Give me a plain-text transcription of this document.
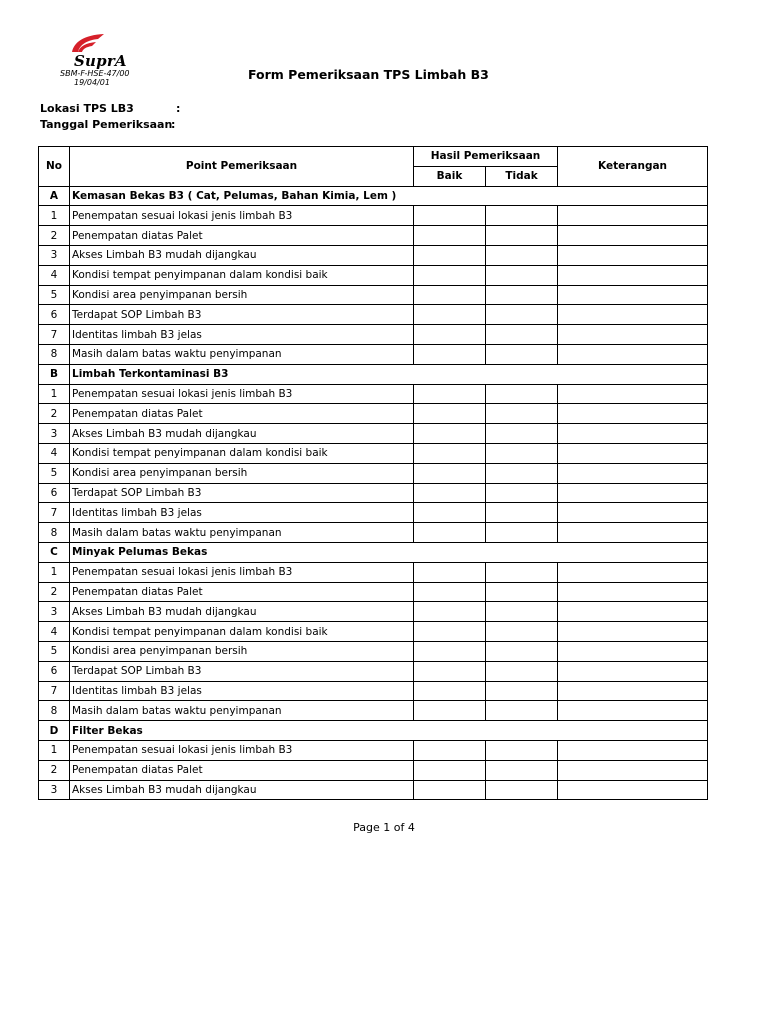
SuprA
SBM-F-HSE-47/00
19/04/01
Form Pemeriksaan TPS Limbah B3
Lokasi TPS LB3	:
Tanggal Pemeriksaan
:
No	Point Pemeriksaan	Hasil Pemeriksaan		Keterangan
		Baik	Tidak	
A	Kemasan Bekas B3 ( Cat, Pelumas, Bahan Kimia, Lem )			
1	Penempatan sesuai lokasi jenis limbah B3			
2	Penempatan diatas Palet			
3	Akses Limbah B3 mudah dijangkau			
4	Kondisi tempat penyimpanan dalam kondisi baik			
5	Kondisi area penyimpanan bersih			
6	Terdapat SOP Limbah B3			
7	Identitas limbah B3 jelas			
8	Masih dalam batas waktu penyimpanan			
B	Limbah Terkontaminasi B3			
1	Penempatan sesuai lokasi jenis limbah B3			
2	Penempatan diatas Palet			
3	Akses Limbah B3 mudah dijangkau			
4	Kondisi tempat penyimpanan dalam kondisi baik			
5	Kondisi area penyimpanan bersih			
6	Terdapat SOP Limbah B3			
7	Identitas limbah B3 jelas			
8	Masih dalam batas waktu penyimpanan			
C	Minyak Pelumas Bekas			
1	Penempatan sesuai lokasi jenis limbah B3			
2	Penempatan diatas Palet			
3	Akses Limbah B3 mudah dijangkau			
4	Kondisi tempat penyimpanan dalam kondisi baik			
5	Kondisi area penyimpanan bersih			
6	Terdapat SOP Limbah B3			
7	Identitas limbah B3 jelas			
8	Masih dalam batas waktu penyimpanan			
D	Filter Bekas			
1	Penempatan sesuai lokasi jenis limbah B3			
2	Penempatan diatas Palet			
3	Akses Limbah B3 mudah dijangkau			
Page 1 of 4
